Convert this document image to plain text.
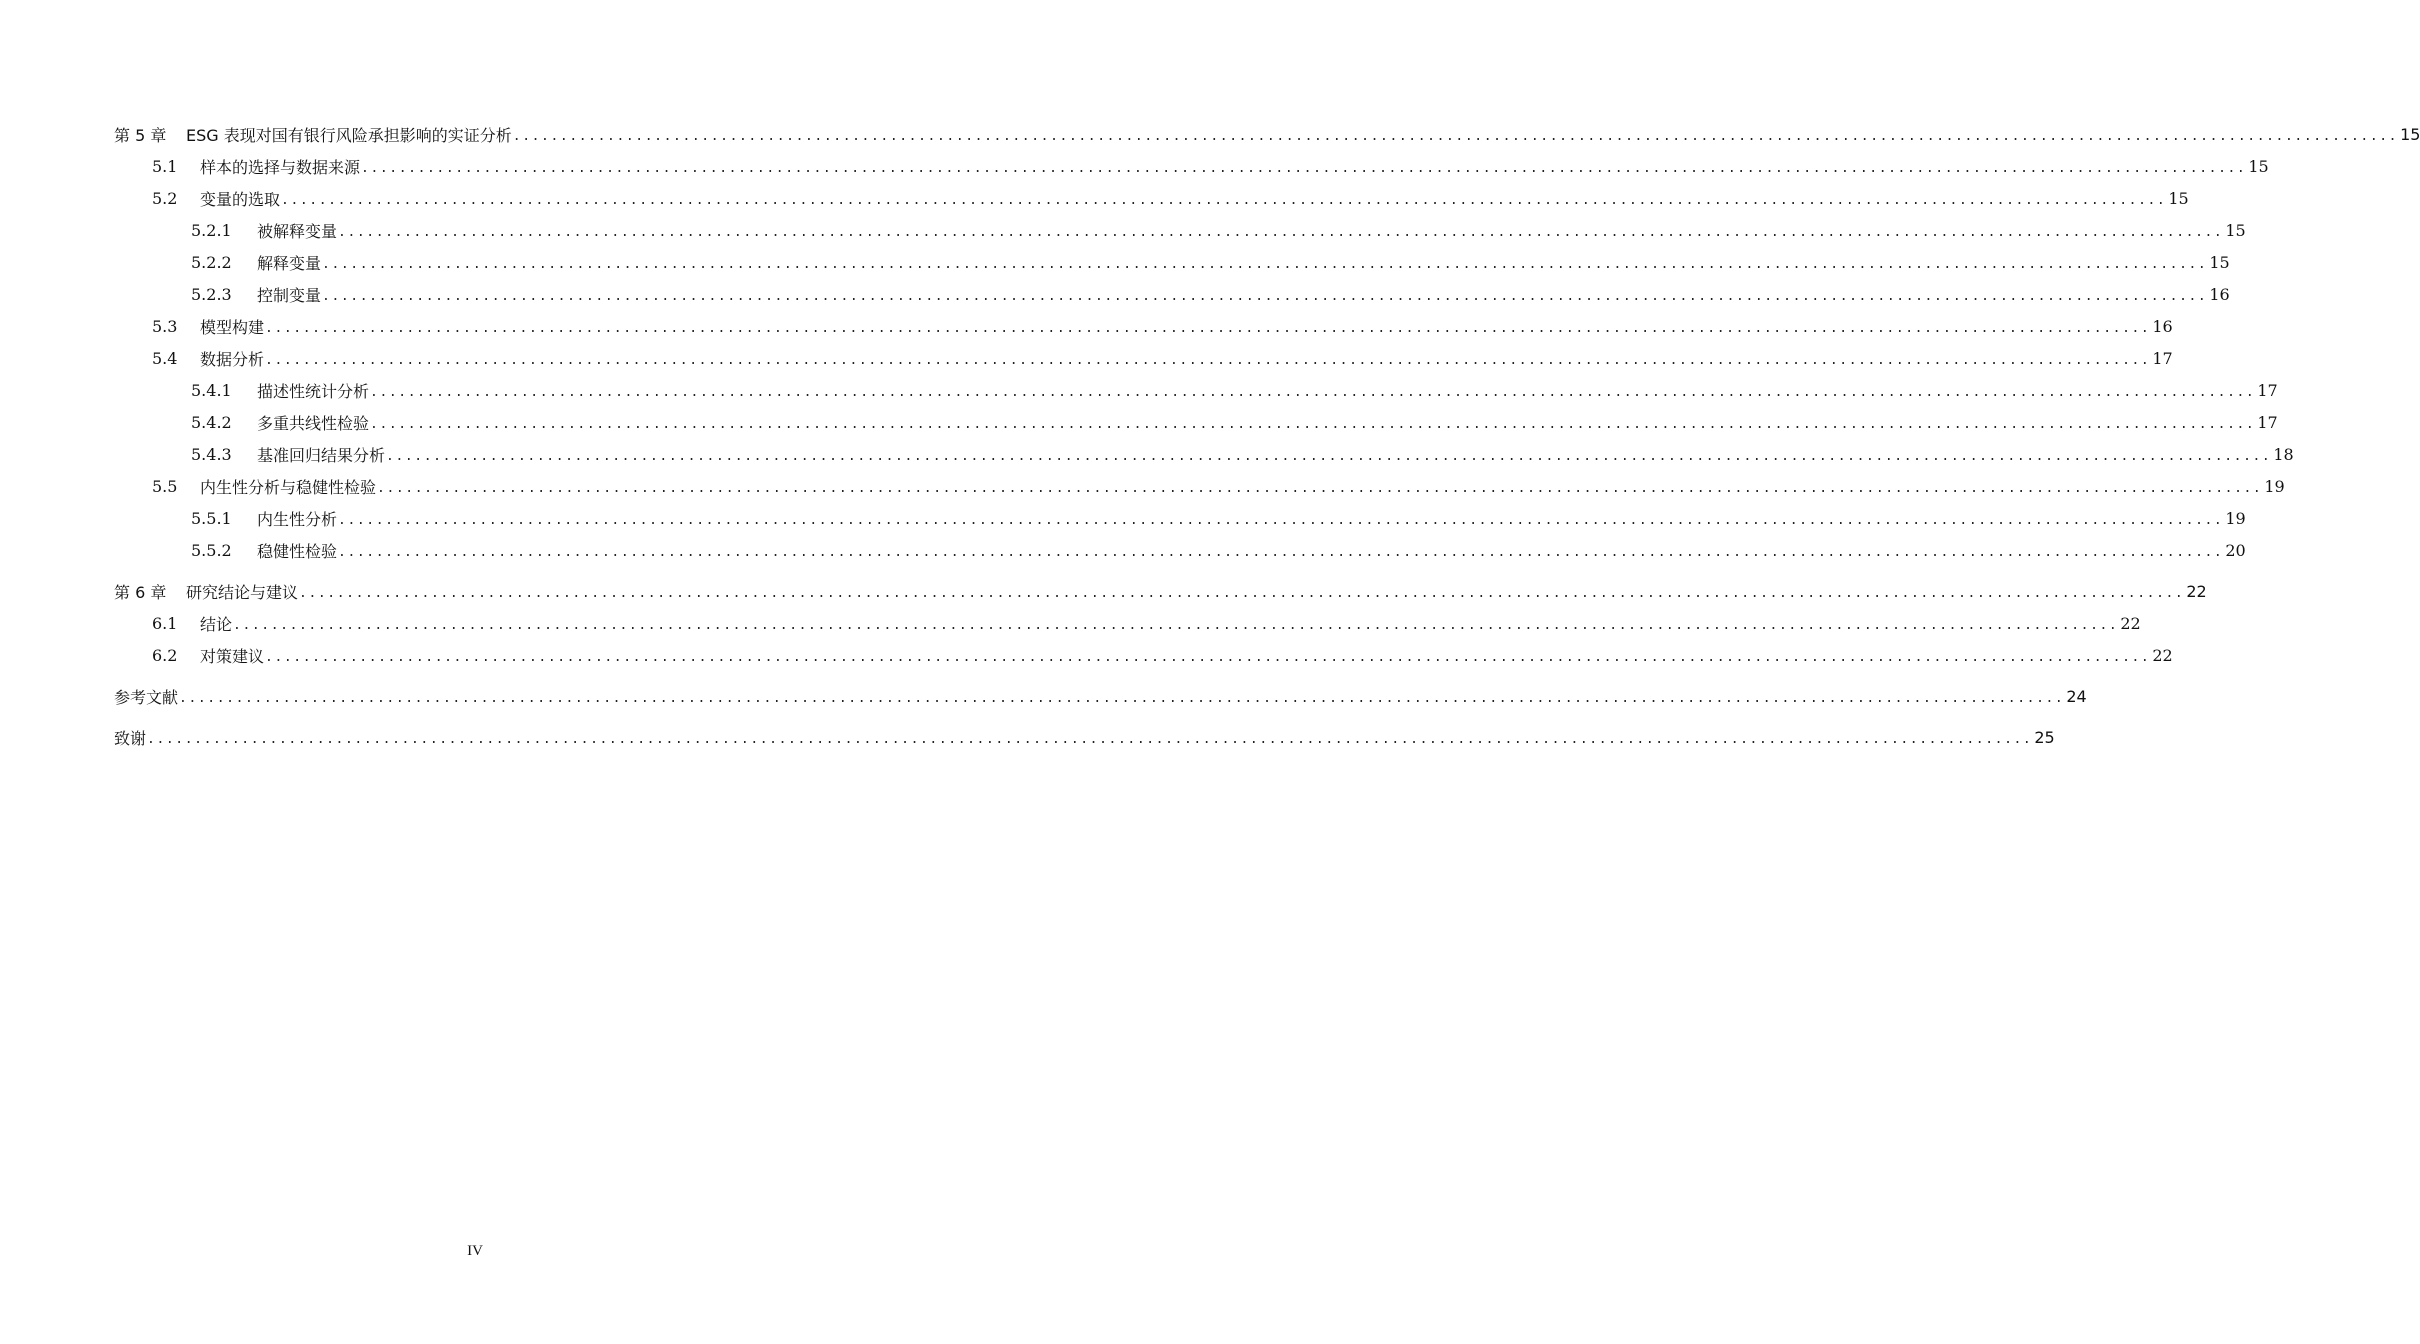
第 5 章	ESG 表现对国有银行风险承担影响的实证分析 .....	15
5.1	样本的选择与数据来源 .....	15
5.2	变量的选取 .....	15
5.2.1	被解释变量 .....	15
5.2.2	解释变量 .....	15
5.2.3	控制变量 .....	16
5.3	模型构建 .....	16
5.4	数据分析 .....	17
5.4.1	描述性统计分析 .....	17
5.4.2	多重共线性检验 .....	17
5.4.3	基准回归结果分析 .....	18
5.5	内生性分析与稳健性检验 .....	19
5.5.1	内生性分析 .....	19
5.5.2	稳健性检验 .....	20
第 6 章	研究结论与建议 .....	22
6.1	结论 .....	22
6.2	对策建议 .....	22
参考文献 .....	24
致谢 .....	25
IV
